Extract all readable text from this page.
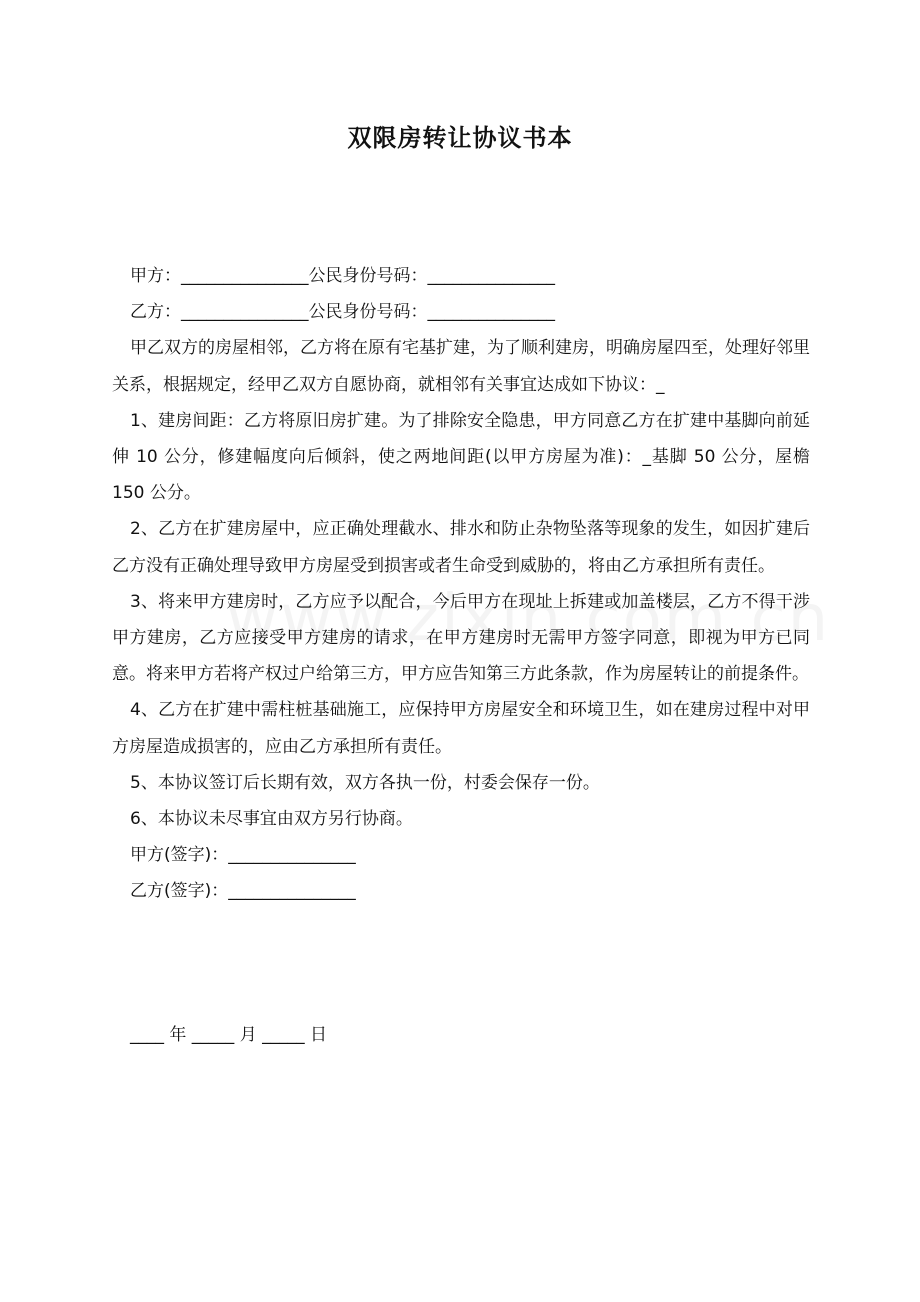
双限房转让协议书本
甲方：_______________公民身份号码：_______________
乙方：_______________公民身份号码：_______________

甲乙双方的房屋相邻，乙方将在原有宅基扩建，为了顺利建房，明确房屋四至，处理好邻里关系，根据规定，经甲乙双方自愿协商，就相邻有关事宜达成如下协议：_

1、建房间距：乙方将原旧房扩建。为了排除安全隐患，甲方同意乙方在扩建中基脚向前延伸 10 公分，修建幅度向后倾斜，使之两地间距(以甲方房屋为准)：_基脚 50 公分，屋檐 150 公分。

2、乙方在扩建房屋中，应正确处理截水、排水和防止杂物坠落等现象的发生，如因扩建后乙方没有正确处理导致甲方房屋受到损害或者生命受到威胁的，将由乙方承担所有责任。

3、将来甲方建房时，乙方应予以配合，今后甲方在现址上拆建或加盖楼层，乙方不得干涉甲方建房，乙方应接受甲方建房的请求，在甲方建房时无需甲方签字同意，即视为甲方已同意。将来甲方若将产权过户给第三方，甲方应告知第三方此条款，作为房屋转让的前提条件。

4、乙方在扩建中需柱桩基础施工，应保持甲方房屋安全和环境卫生，如在建房过程中对甲方房屋造成损害的，应由乙方承担所有责任。

5、本协议签订后长期有效，双方各执一份，村委会保存一份。

6、本协议未尽事宜由双方另行协商。

甲方(签字)：_______________
乙方(签字)：_______________
____ 年 _____ 月 _____ 日
